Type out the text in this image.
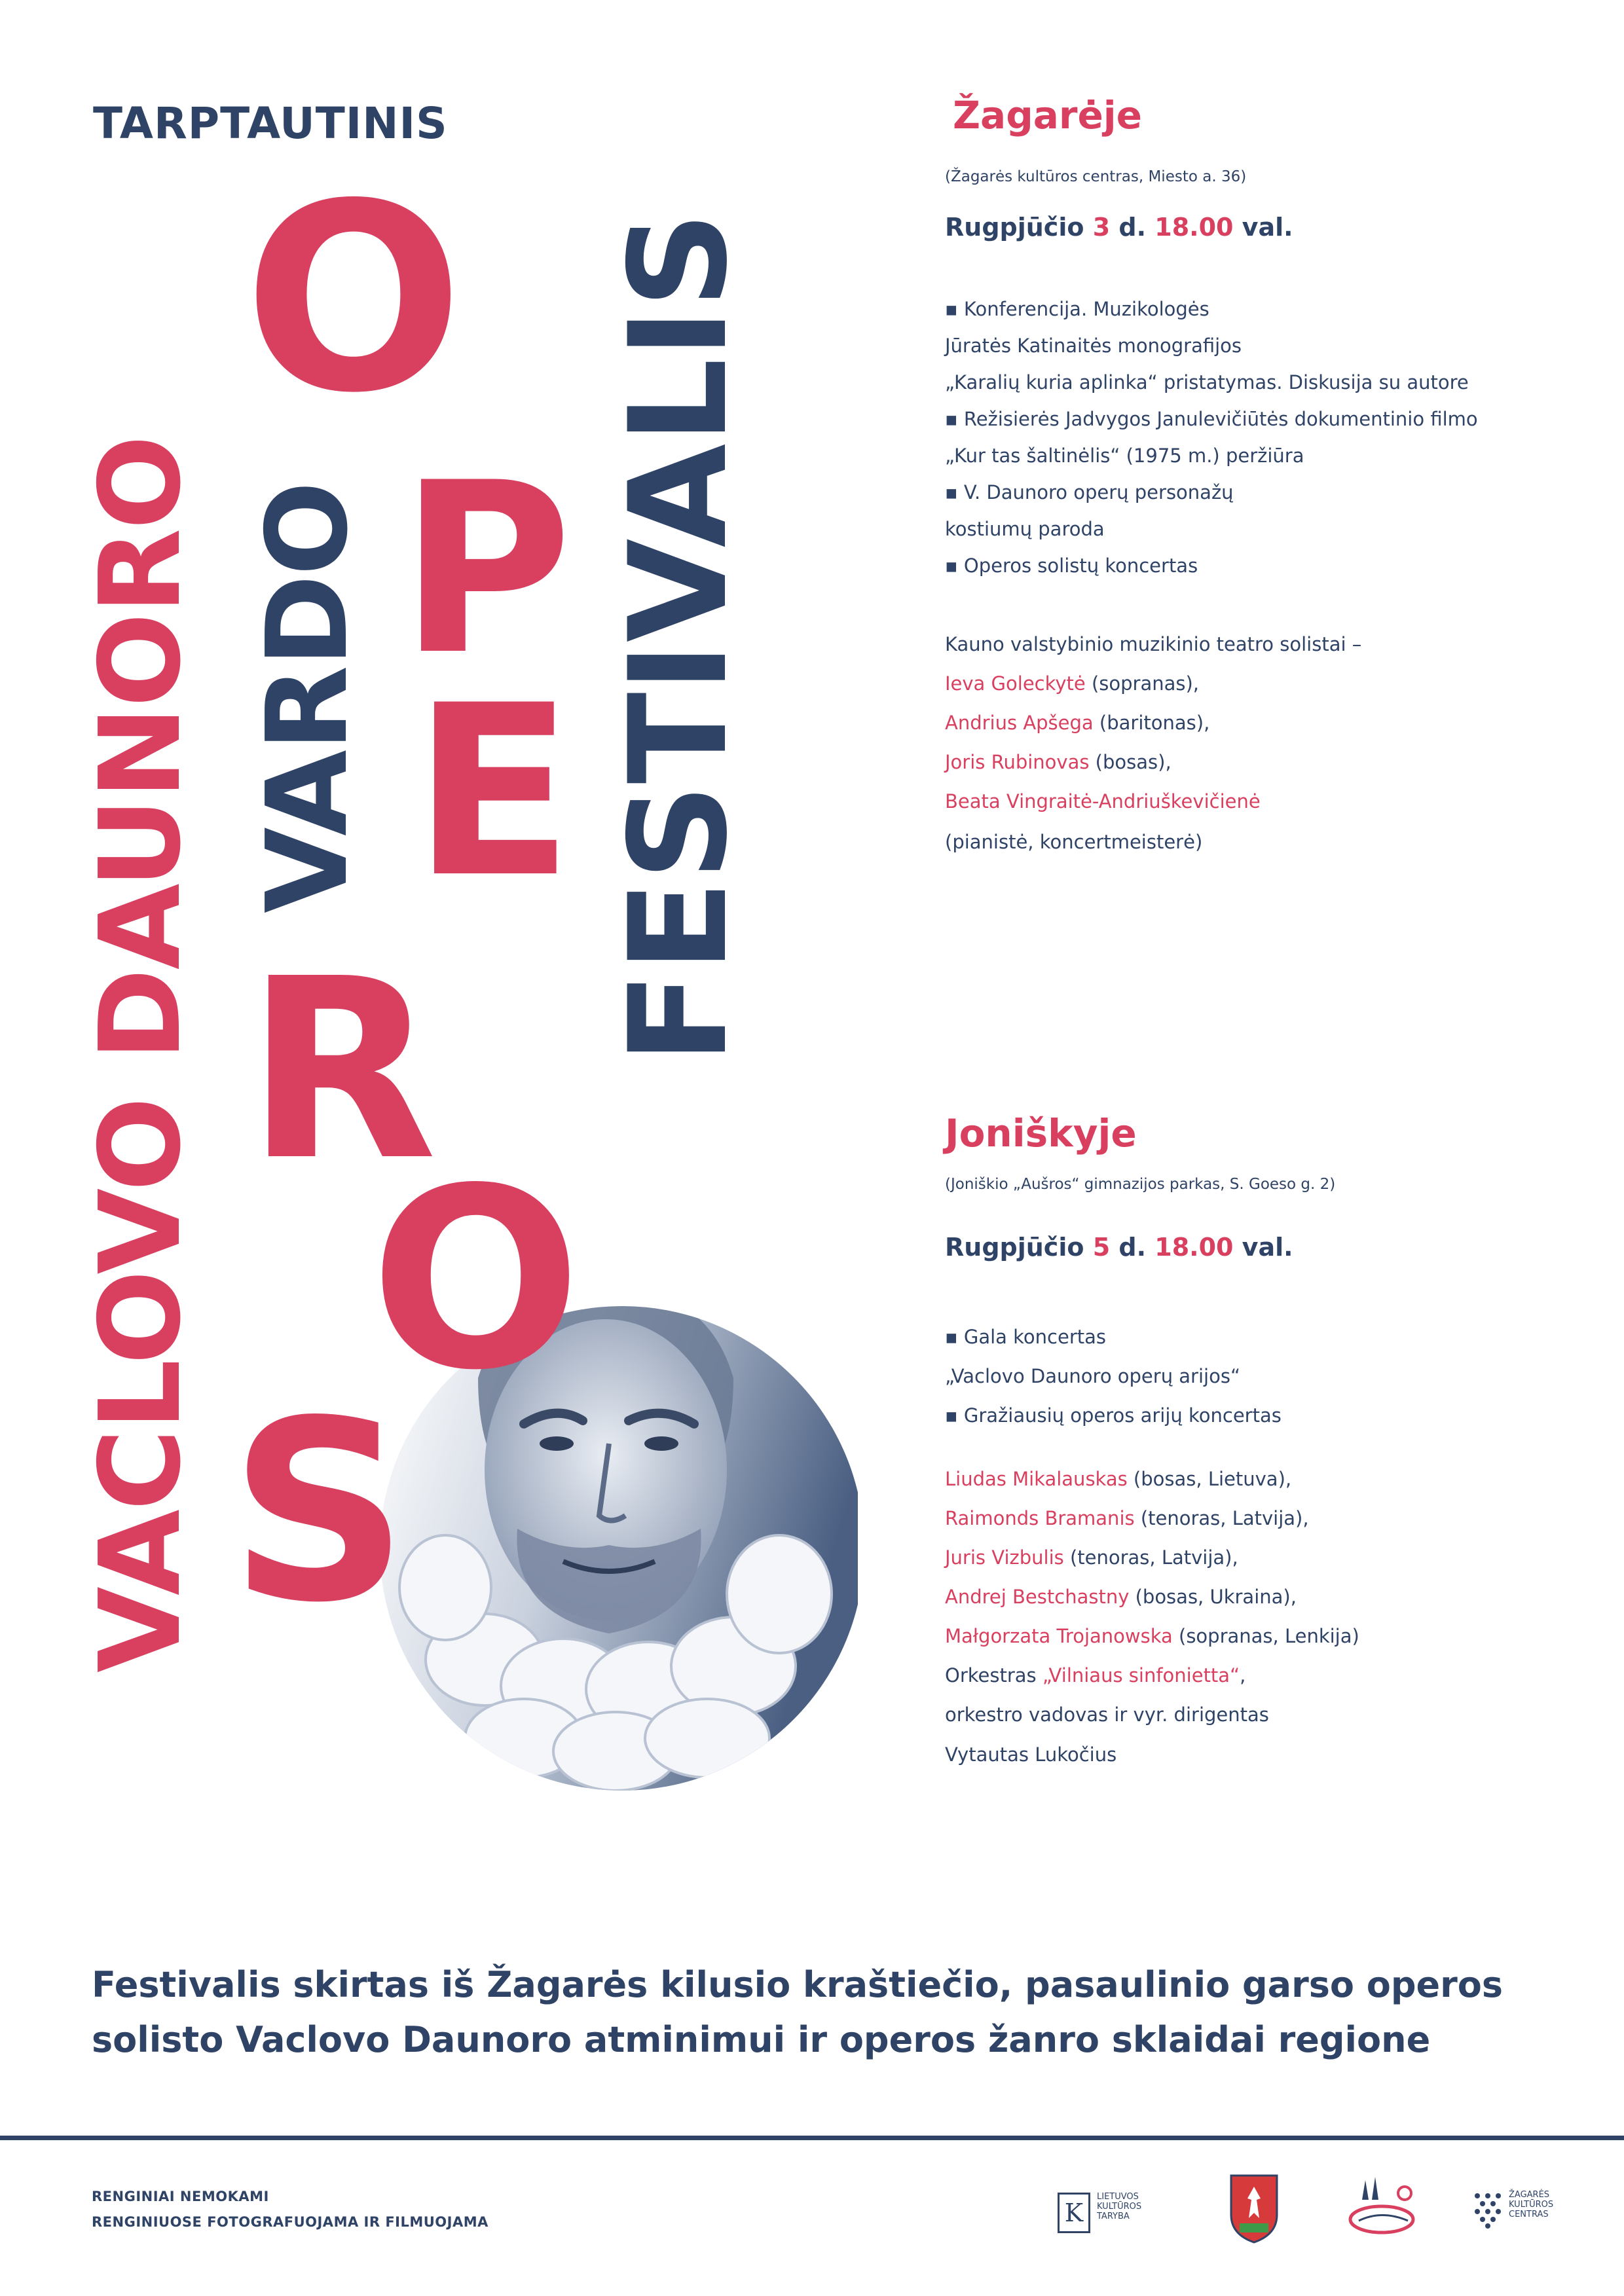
TARPTAUTINIS
VACLOVO DAUNORO VARDO FESTIVALIS
O
P
E
R
O
S
Žagarėje
(Žagarės kultūros centras, Miesto a. 36)
Rugpjūčio 3 d. 18.00 val.
▪ Konferencija. Muzikologės
Jūratės Katinaitės monografijos
„Karalių kuria aplinka“ pristatymas. Diskusija su autore
▪ Režisierės Jadvygos Janulevičiūtės dokumentinio filmo
„Kur tas šaltinėlis“ (1975 m.) peržiūra
▪ V. Daunoro operų personažų
kostiumų paroda
▪ Operos solistų koncertas
Kauno valstybinio muzikinio teatro solistai –
Ieva Goleckytė (sopranas),
Andrius Apšega (baritonas),
Joris Rubinovas (bosas),
Beata Vingraitė-Andriuškevičienė
(pianistė, koncertmeisterė)
Joniškyje
(Joniškio „Aušros“ gimnazijos parkas, S. Goeso g. 2)
Rugpjūčio 5 d. 18.00 val.
▪ Gala koncertas
„Vaclovo Daunoro operų arijos“
▪ Gražiausių operos arijų koncertas
Liudas Mikalauskas (bosas, Lietuva),
Raimonds Bramanis (tenoras, Latvija),
Juris Vizbulis (tenoras, Latvija),
Andrej Bestchastny (bosas, Ukraina),
Małgorzata Trojanowska (sopranas, Lenkija)
Orkestras „Vilniaus sinfonietta“,
orkestro vadovas ir vyr. dirigentas
Vytautas Lukočius
Festivalis skirtas iš Žagarės kilusio kraštiečio, pasaulinio garso operos
solisto Vaclovo Daunoro atminimui ir operos žanro sklaidai regione
RENGINIAI NEMOKAMI
RENGINIUOSE FOTOGRAFUOJAMA IR FILMUOJAMA	K
LIETUVOS
KULTŪROS
TARYBA
ŽAGARĖS
KULTŪROS
CENTRAS
